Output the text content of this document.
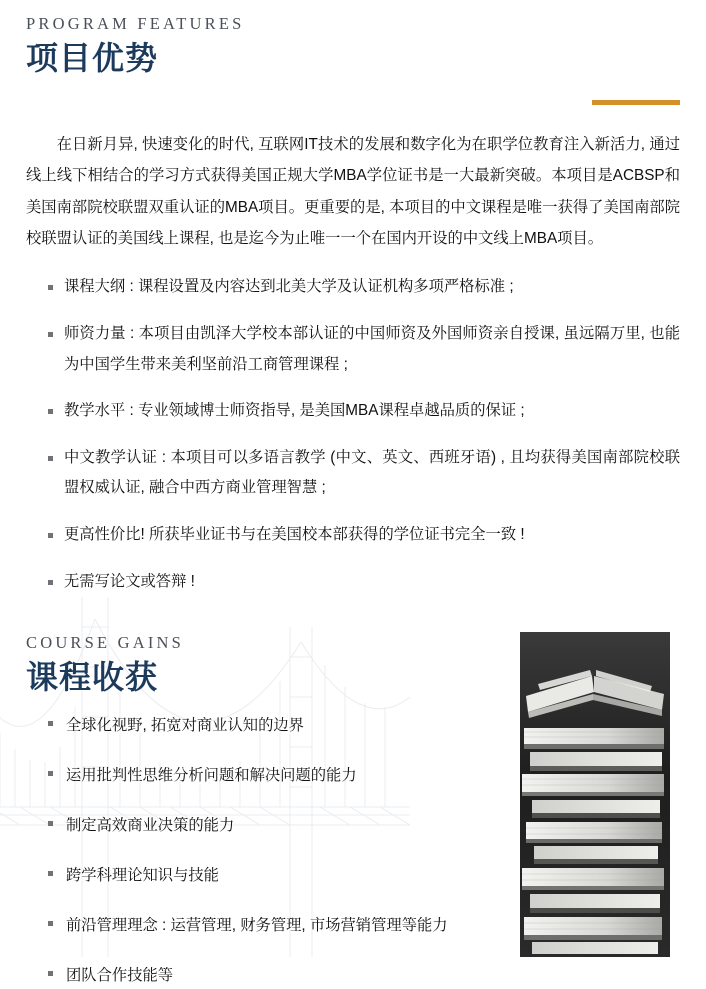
PROGRAM FEATURES
项目优势

在日新月异, 快速变化的时代, 互联网IT技术的发展和数字化为在职学位教育注入新活力, 通过线上线下相结合的学习方式获得美国正规大学MBA学位证书是一大最新突破。本项目是ACBSP和美国南部院校联盟双重认证的MBA项目。更重要的是, 本项目的中文课程是唯一获得了美国南部院校联盟认证的美国线上课程, 也是迄今为止唯一一个在国内开设的中文线上MBA项目。

课程大纲 : 课程设置及内容达到北美大学及认证机构多项严格标准 ;
师资力量 : 本项目由凯泽大学校本部认证的中国师资及外国师资亲自授课, 虽远隔万里, 也能为中国学生带来美利坚前沿工商管理课程 ;
教学水平 : 专业领域博士师资指导, 是美国MBA课程卓越品质的保证 ;
中文教学认证 : 本项目可以多语言教学 (中文、英文、西班牙语) , 且均获得美国南部院校联盟权威认证, 融合中西方商业管理智慧 ;
更高性价比! 所获毕业证书与在美国校本部获得的学位证书完全一致 !
无需写论文或答辩 !
COURSE GAINS
课程收获
全球化视野, 拓宽对商业认知的边界
运用批判性思维分析问题和解决问题的能力
制定高效商业决策的能力
跨学科理论知识与技能
前沿管理理念 : 运营管理, 财务管理, 市场营销管理等能力
团队合作技能等
